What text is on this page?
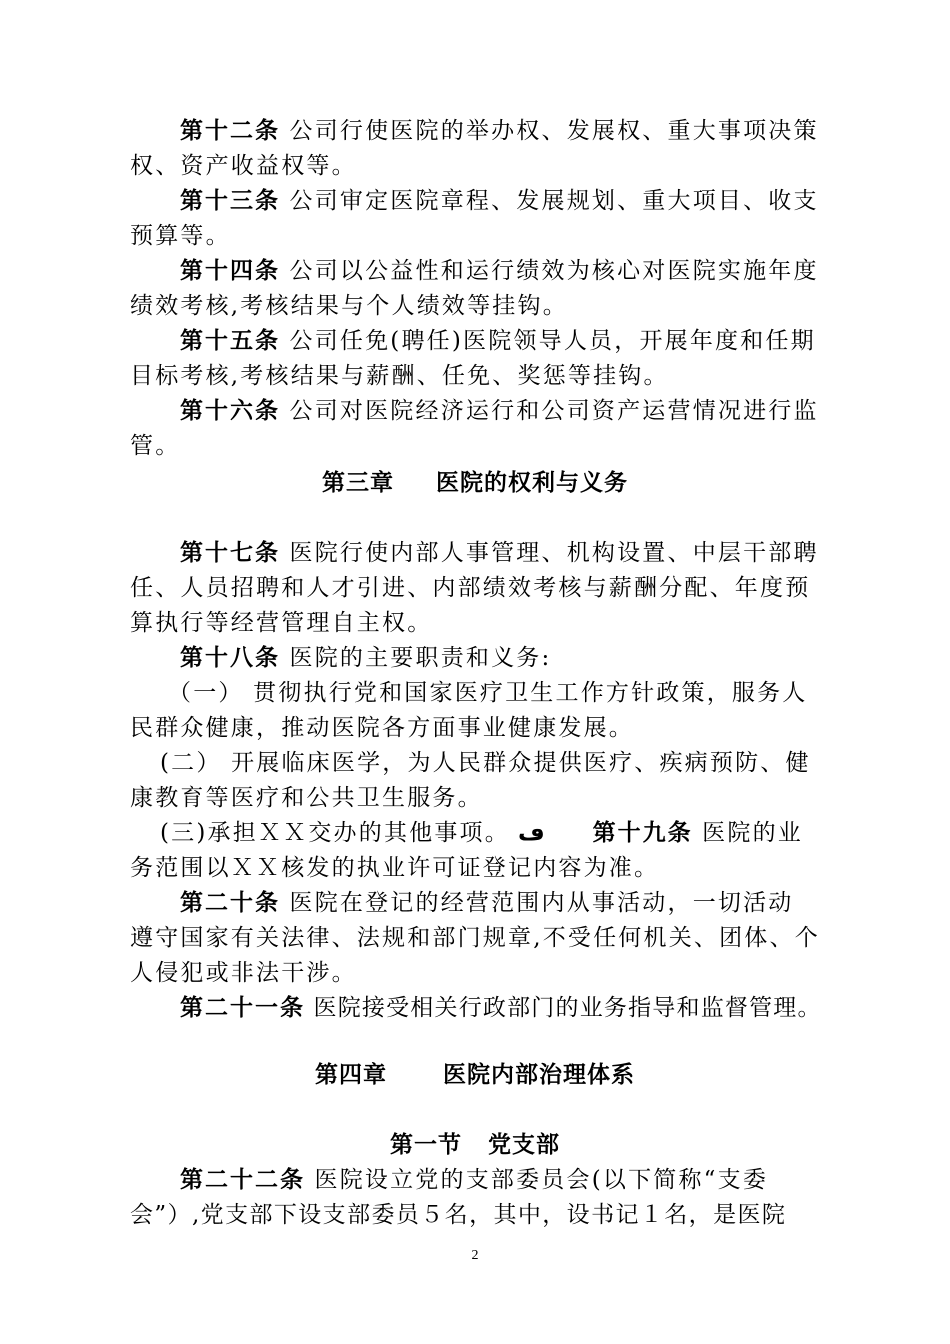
第十二条 公司行使医院的举办权、发展权、重大事项决策
权、资产收益权等。
第十三条 公司审定医院章程、发展规划、重大项目、收支
预算等。
第十四条 公司以公益性和运行绩效为核心对医院实施年度
绩效考核,考核结果与个人绩效等挂钩。
第十五条 公司任免(聘任)医院领导人员，开展年度和任期
目标考核,考核结果与薪酬、任免、奖惩等挂钩。
第十六条 公司对医院经济运行和公司资产运营情况进行监
管。
第三章 医院的权利与义务
第十七条 医院行使内部人事管理、机构设置、中层干部聘
任、人员招聘和人才引进、内部绩效考核与薪酬分配、年度预
算执行等经营管理自主权。
第十八条 医院的主要职责和义务:
（一） 贯彻执行党和国家医疗卫生工作方针政策，服务人
民群众健康，推动医院各方面事业健康发展。
(二） 开展临床医学，为人民群众提供医疗、疾病预防、健
康教育等医疗和公共卫生服务。
(三)承担ＸＸ交办的其他事项。 ڡ 第十九条 医院的业
务范围以ＸＸ核发的执业许可证登记内容为准。
第二十条 医院在登记的经营范围内从事活动，一切活动
遵守国家有关法律、法规和部门规章,不受任何机关、团体、个
人侵犯或非法干涉。
第二十一条 医院接受相关行政部门的业务指导和监督管理。
第四章 医院内部治理体系
第一节 党支部
第二十二条 医院设立党的支部委员会(以下简称“支委
会”）,党支部下设支部委员５名，其中，设书记１名，是医院
2
